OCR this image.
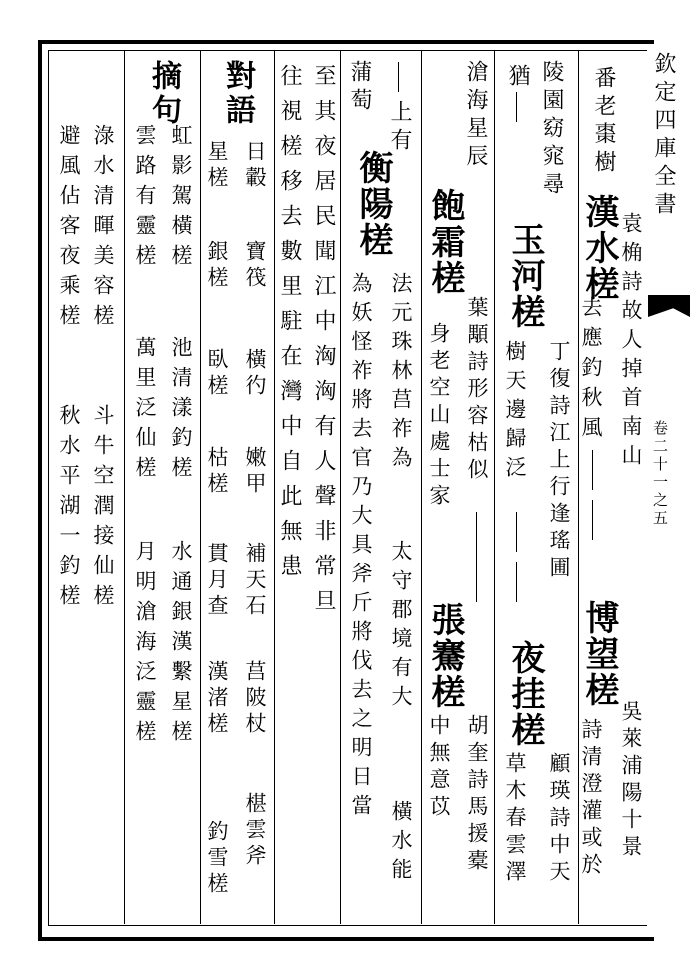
欽定四庫全書
卷二十一之五
番老棗樹
漢水槎 袁桷詩故人掉首南山
去應釣秋風
博望槎
吳萊浦陽十景
詩清澄灌或於
陵園窈窕尋
玉河槎
丁復詩江上行逢瑤圃
樹天邊歸泛
夜挂槎
顧瑛詩中天
草木春雲澤
猶
滄海星辰
飽霜槎
葉顒詩形容枯似
身老空山處士家
張騫槎
胡奎詩馬援橐
中無意苡
上有
衡陽槎
法元珠林莒祚為
太守郡境有大
橫水能
蒲萄
為妖怪祚將去官乃大具斧斤將伐去之明日當
至其夜居民聞江中洶洶有人聲非常旦
往視槎移去數里駐在灣中自此無患
對語
日轂
寶筏
橫彴
嫩甲
補天石
莒陂杖
椹雲斧
星槎
銀槎
臥槎
枯槎
貫月查
漢渚槎
釣雪槎
摘句
虹影駕橫槎
池清漾釣槎
水通銀漢繫星槎
雲路有靈槎
萬里泛仙槎
月明滄海泛靈槎
淥水清暉美容槎
斗牛空潤接仙槎
避風佔客夜乘槎
秋水平湖一釣槎
